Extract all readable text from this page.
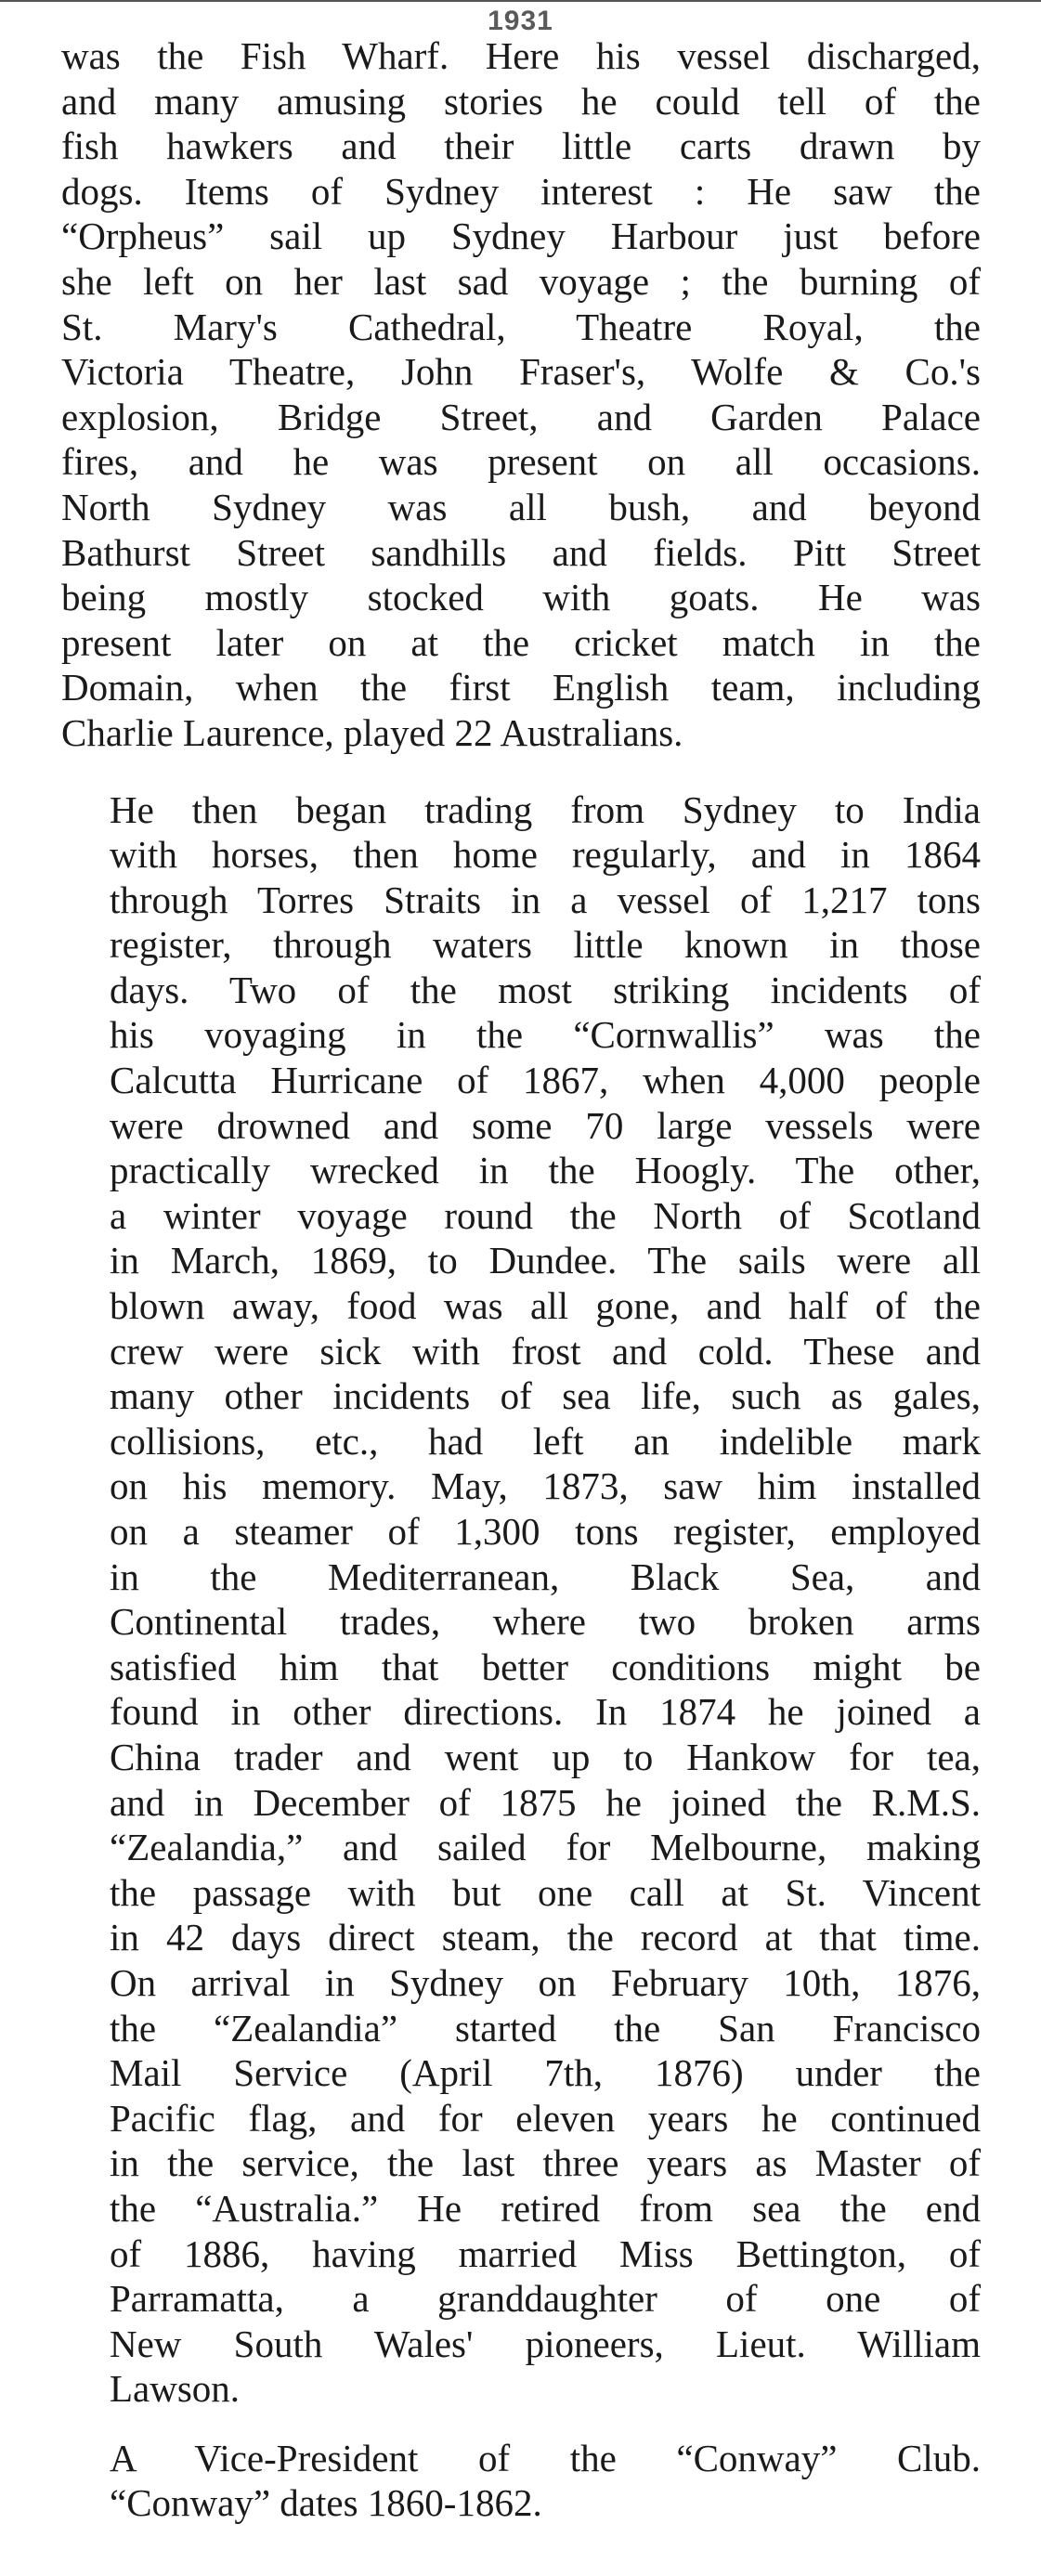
1931

was the Fish Wharf. Here his vessel discharged,
and many amusing stories he could tell of the
fish hawkers and their little carts drawn by
dogs. Items of Sydney interest : He saw the
“Orpheus” sail up Sydney Harbour just before
she left on her last sad voyage ; the burning of
St. Mary's Cathedral, Theatre Royal, the
Victoria Theatre, John Fraser's, Wolfe & Co.'s
explosion, Bridge Street, and Garden Palace
fires, and he was present on all occasions.
North Sydney was all bush, and beyond
Bathurst Street sandhills and fields. Pitt Street
being mostly stocked with goats. He was
present later on at the cricket match in the
Domain, when the first English team, including
Charlie Laurence, played 22 Australians.

He then began trading from Sydney to India
with horses, then home regularly, and in 1864
through Torres Straits in a vessel of 1,217 tons
register, through waters little known in those
days. Two of the most striking incidents of
his voyaging in the “Cornwallis” was the
Calcutta Hurricane of 1867, when 4,000 people
were drowned and some 70 large vessels were
practically wrecked in the Hoogly. The other,
a winter voyage round the North of Scotland
in March, 1869, to Dundee. The sails were all
blown away, food was all gone, and half of the
crew were sick with frost and cold. These and
many other incidents of sea life, such as gales,
collisions, etc., had left an indelible mark
on his memory. May, 1873, saw him installed
on a steamer of 1,300 tons register, employed
in the Mediterranean, Black Sea, and
Continental trades, where two broken arms
satisfied him that better conditions might be
found in other directions. In 1874 he joined a
China trader and went up to Hankow for tea,
and in December of 1875 he joined the R.M.S.
“Zealandia,” and sailed for Melbourne, making
the passage with but one call at St. Vincent
in 42 days direct steam, the record at that time.
On arrival in Sydney on February 10th, 1876,
the “Zealandia” started the San Francisco
Mail Service (April 7th, 1876) under the
Pacific flag, and for eleven years he continued
in the service, the last three years as Master of
the “Australia.” He retired from sea the end
of 1886, having married Miss Bettington, of
Parramatta, a granddaughter of one of
New South Wales' pioneers, Lieut. William
Lawson.

A Vice-President of the “Conway” Club.
“Conway” dates 1860-1862.
